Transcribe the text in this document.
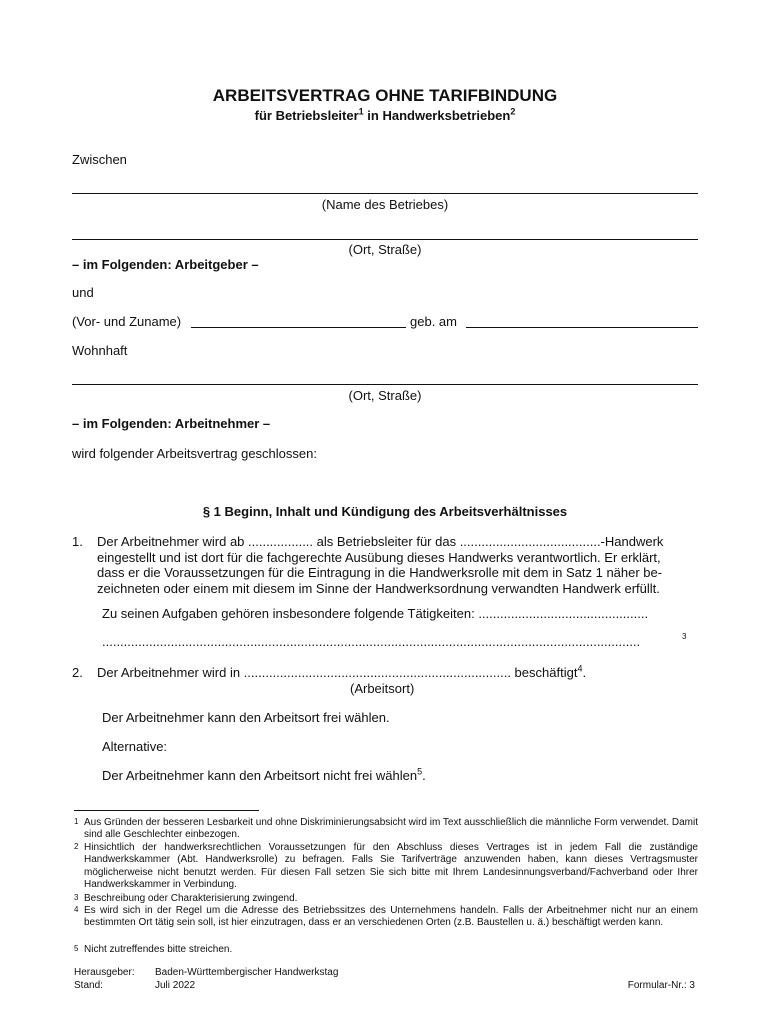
ARBEITSVERTRAG OHNE TARIFBINDUNG
für Betriebsleiter$^1$ in Handwerksbetrieben$^2$
Zwischen
(Name des Betriebes)
(Ort, Straße)
– im Folgenden: Arbeitgeber –
und
(Vor- und Zuname)	geb. am
Wohnhaft
(Ort, Straße)
– im Folgenden: Arbeitnehmer –
wird folgender Arbeitsvertrag geschlossen:
§ 1 Beginn, Inhalt und Kündigung des Arbeitsverhältnisses
1. Der Arbeitnehmer wird ab .................. als Betriebsleiter für das .......................................-Handwerk
eingestellt und ist dort für die fachgerechte Ausübung dieses Handwerks verantwortlich. Er erklärt,
dass er die Voraussetzungen für die Eintragung in die Handwerksrolle mit dem in Satz 1 näher be-
zeichneten oder einem mit diesem im Sinne der Handwerksordnung verwandten Handwerk erfüllt.
Zu seinen Aufgaben gehören insbesondere folgende Tätigkeiten: ...............................................
.....................................................................................................................................................	3
2. Der Arbeitnehmer wird in .......................................................................... beschäftigt$^4$.
(Arbeitsort)
Der Arbeitnehmer kann den Arbeitsort frei wählen.
Alternative:
Der Arbeitnehmer kann den Arbeitsort nicht frei wählen$^5$.
1 Aus Gründen der besseren Lesbarkeit und ohne Diskriminierungsabsicht wird im Text ausschließlich die männliche Form verwendet. Damit sind alle Geschlechter einbezogen.
2 Hinsichtlich der handwerksrechtlichen Voraussetzungen für den Abschluss dieses Vertrages ist in jedem Fall die zuständige Handwerkskammer (Abt. Handwerksrolle) zu befragen. Falls Sie Tarifverträge anzuwenden haben, kann dieses Vertragsmuster möglicherweise nicht benutzt werden. Für diesen Fall setzen Sie sich bitte mit Ihrem Landesinnungsverband/Fachverband oder Ihrer Handwerkskammer in Verbindung.
3 Beschreibung oder Charakterisierung zwingend.
4 Es wird sich in der Regel um die Adresse des Betriebssitzes des Unternehmens handeln. Falls der Arbeitnehmer nicht nur an einem bestimmten Ort tätig sein soll, ist hier einzutragen, dass er an verschiedenen Orten (z.B. Baustellen u. ä.) beschäftigt werden kann.
5 Nicht zutreffendes bitte streichen.
Herausgeber: Baden-Württembergischer Handwerkstag
Stand:	Juli 2022	Formular-Nr.: 3
